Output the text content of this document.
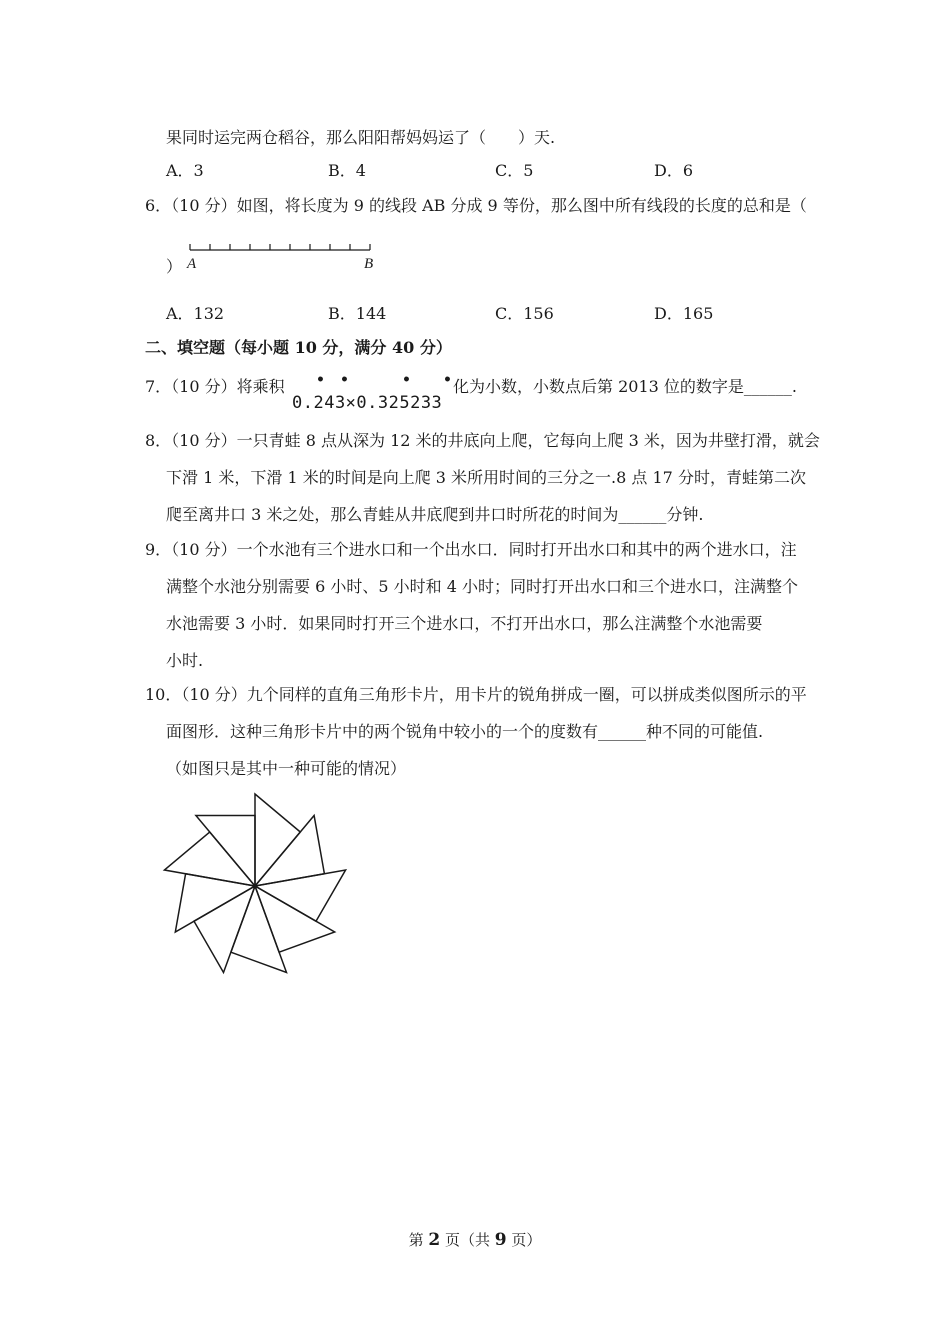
果同时运完两仓稻谷，那么阳阳帮妈妈运了（　　）天.
A．3	B．4	C．5	D．6
6．（10 分）如图，将长度为 9 的线段 AB 分成 9 等份，那么图中所有线段的长度的总和是（
） A	B
A．132	B．144	C．156	D．165
二、填空题（每小题 10 分，满分 40 分）
7．（10 分）将乘积
0.243×0.325233
• •	• • 化为小数，小数点后第 2013 位的数字是______.
8．（10 分）一只青蛙 8 点从深为 12 米的井底向上爬，它每向上爬 3 米，因为井壁打滑，就会
下滑 1 米，下滑 1 米的时间是向上爬 3 米所用时间的三分之一.8 点 17 分时，青蛙第二次
爬至离井口 3 米之处，那么青蛙从井底爬到井口时所花的时间为______分钟.
9．（10 分）一个水池有三个进水口和一个出水口．同时打开出水口和其中的两个进水口，注
满整个水池分别需要 6 小时、5 小时和 4 小时；同时打开出水口和三个进水口，注满整个
水池需要 3 小时．如果同时打开三个进水口，不打开出水口，那么注满整个水池需要
小时.
10．（10 分）九个同样的直角三角形卡片，用卡片的锐角拼成一圈，可以拼成类似图所示的平
面图形．这种三角形卡片中的两个锐角中较小的一个的度数有______种不同的可能值.
（如图只是其中一种可能的情况）
第 2 页（共 9 页）
